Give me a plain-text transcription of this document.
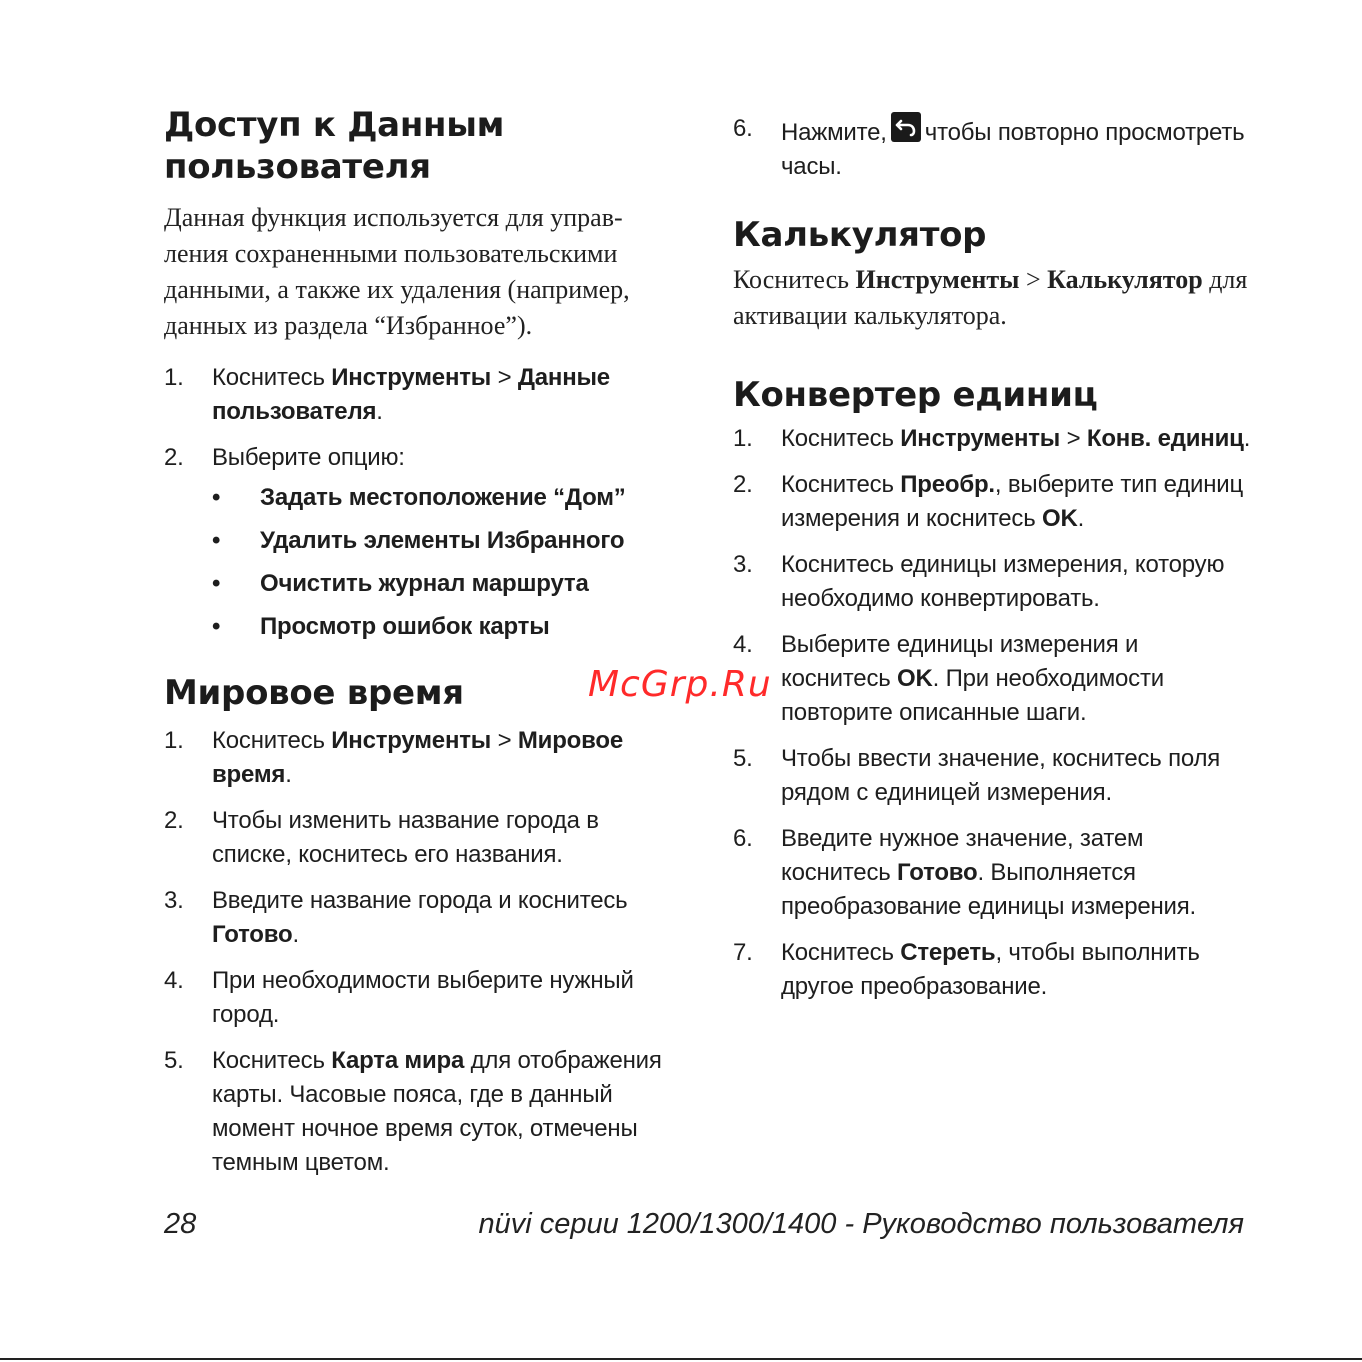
Доступ к Данным
пользователя
Данная функция используется для управ-
ления сохраненными пользовательскими
данными, а также их удаления (например,
данных из раздела “Избранное”).
1. Коснитесь Инструменты > Данные пользователя.
2. Выберите опцию:
• Задать местоположение “Дом”
• Удалить элементы Избранного
• Очистить журнал маршрута
• Просмотр ошибок карты
Мировое время
1. Коснитесь Инструменты > Мировое время.
2. Чтобы изменить название города в списке, коснитесь его названия.
3. Введите название города и коснитесь Готово.
4. При необходимости выберите нужный город.
5. Коснитесь Карта мира для отображения карты. Часовые пояса, где в данный момент ночное время суток, отмечены темным цветом.
6. Нажмите, чтобы повторно просмотреть часы.
Калькулятор
Коснитесь Инструменты > Калькулятор для активации калькулятора.
Конвертер единиц
1. Коснитесь Инструменты > Конв. единиц.
2. Коснитесь Преобр., выберите тип единиц измерения и коснитесь OK.
3. Коснитесь единицы измерения, которую необходимо конвертировать.
4. Выберите единицы измерения и коснитесь OK. При необходимости повторите описанные шаги.
5. Чтобы ввести значение, коснитесь поля рядом с единицей измерения.
6. Введите нужное значение, затем коснитесь Готово. Выполняется преобразование единицы измерения.
7. Коснитесь Стереть, чтобы выполнить другое преобразование.
McGrp.Ru
28	nüvi серии 1200/1300/1400 - Руководство пользователя
